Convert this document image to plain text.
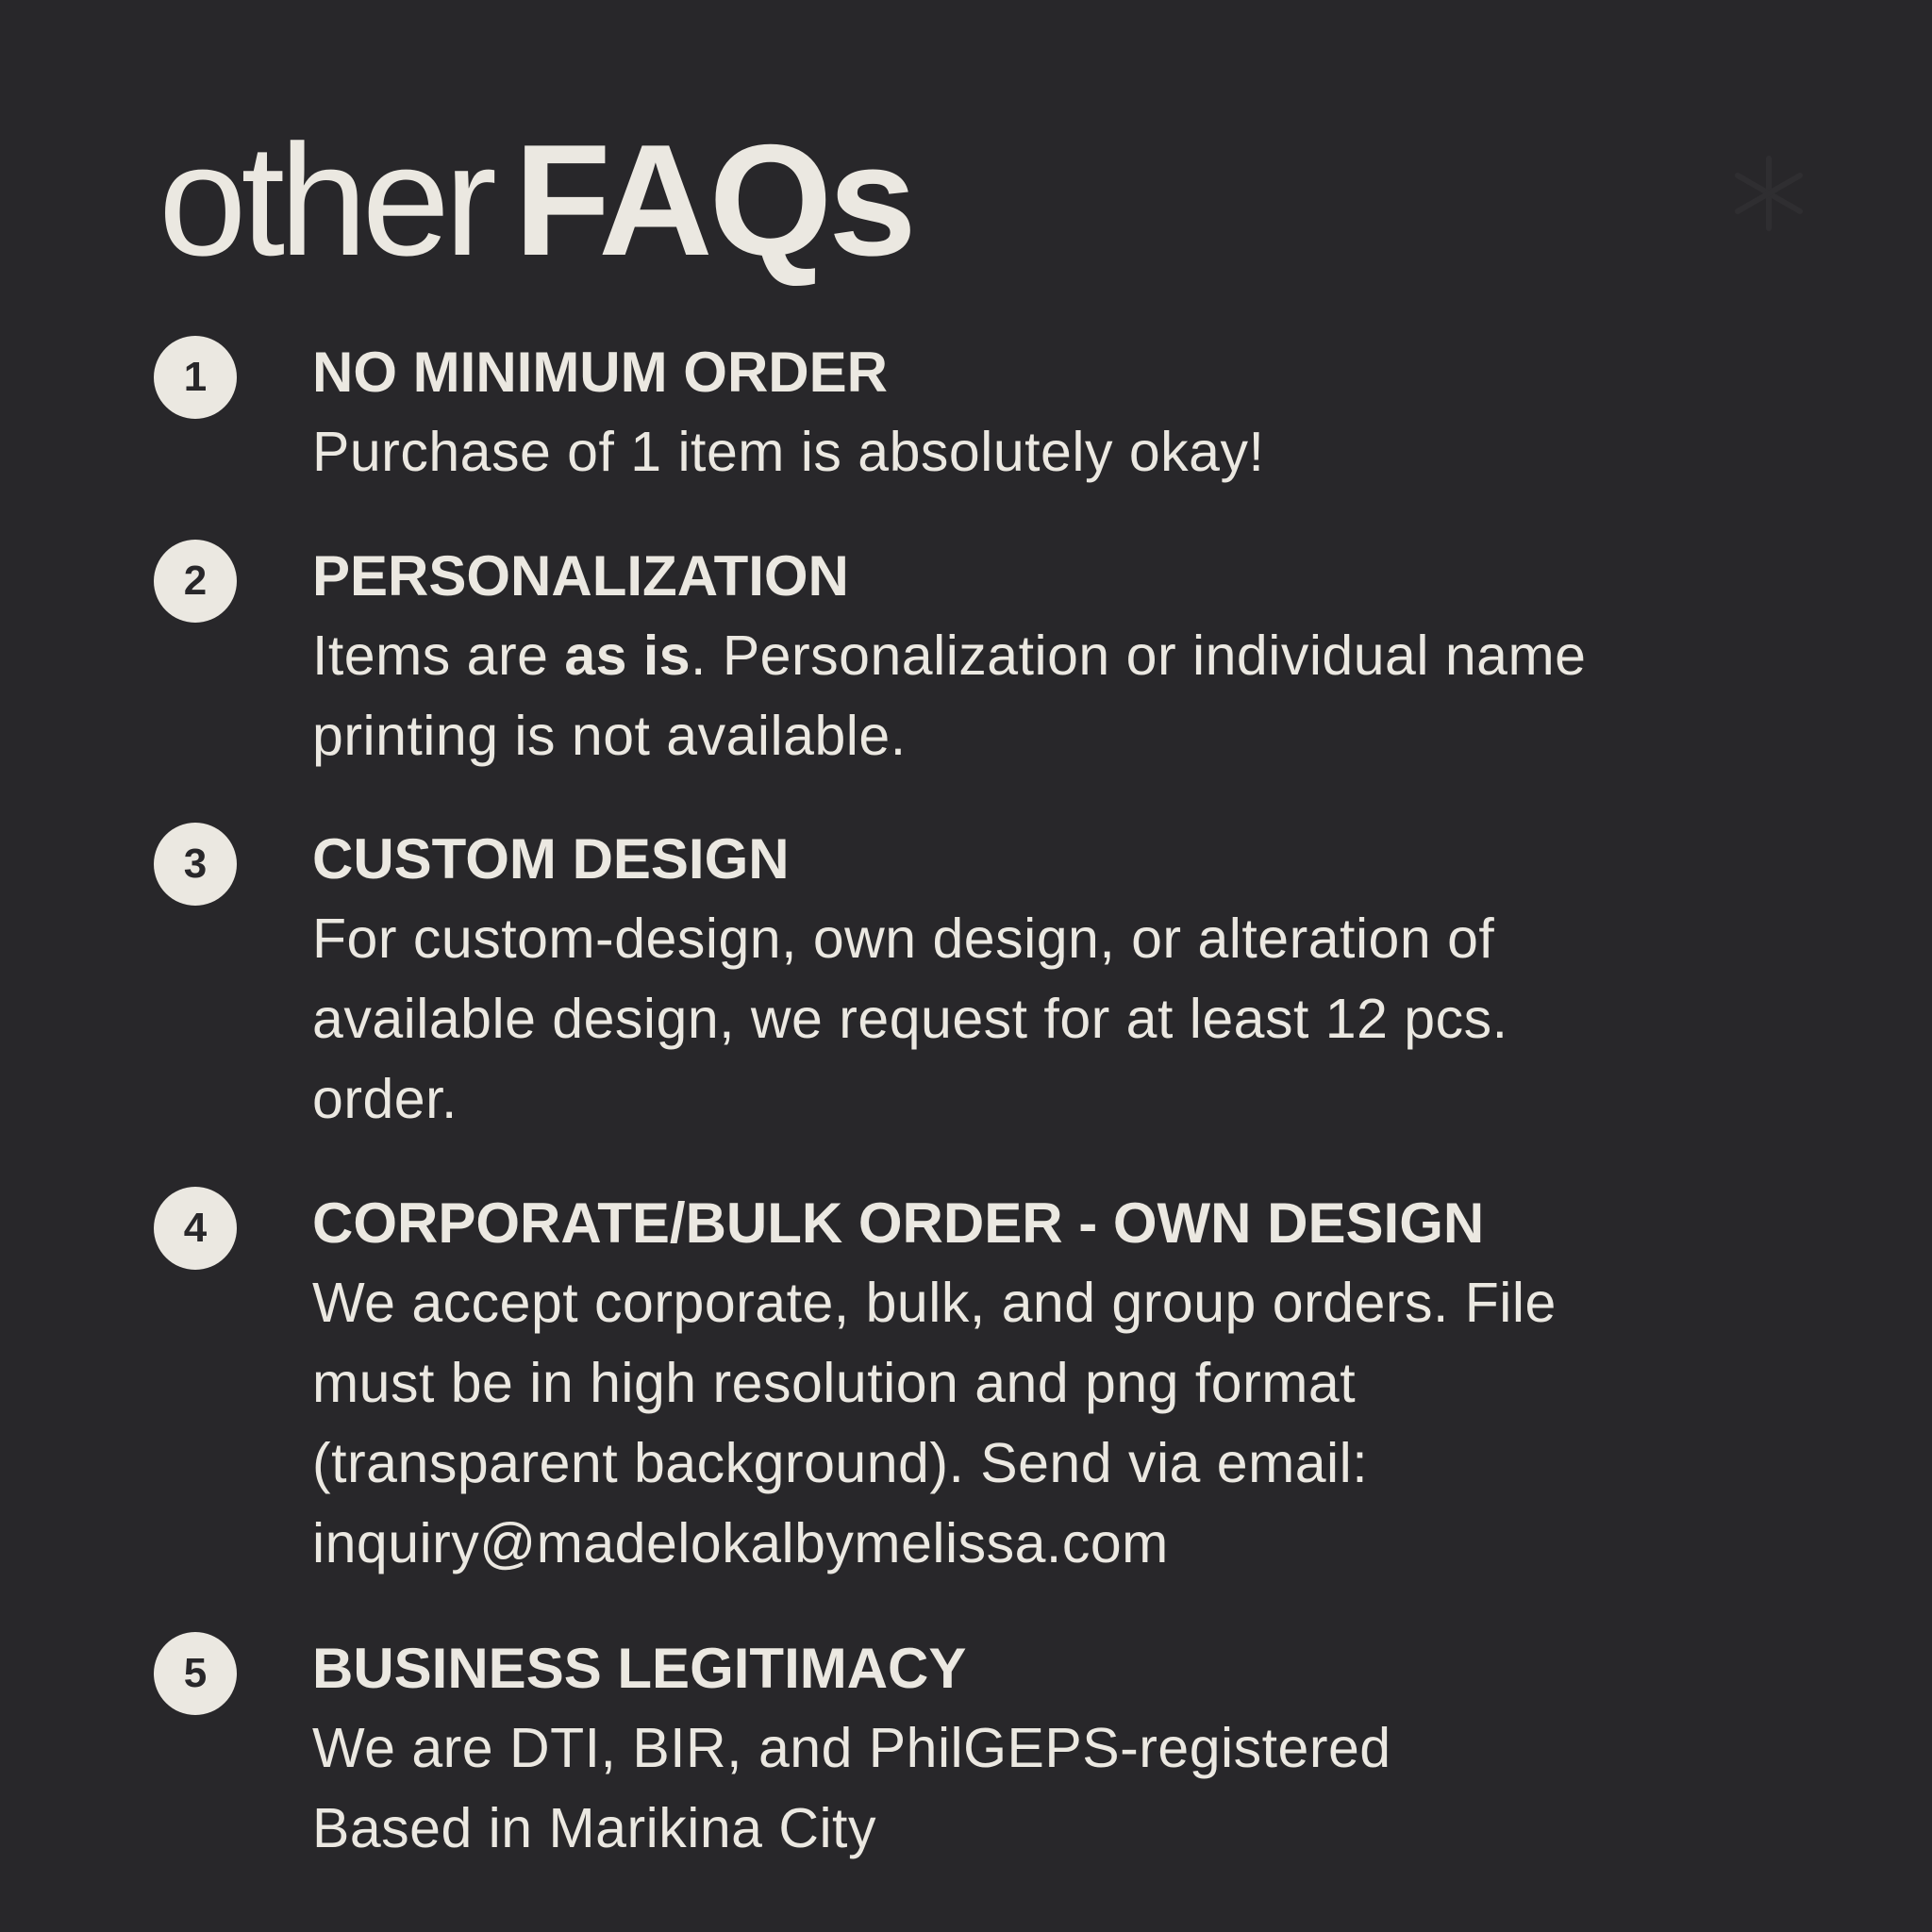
other FAQs
1	NO MINIMUM ORDER

Purchase of 1 item is absolutely okay!

2	PERSONALIZATION

Items are as is. Personalization or individual name
printing is not available.

3	CUSTOM DESIGN

For custom-design, own design, or alteration of
available design, we request for at least 12 pcs.
order.

4	CORPORATE/BULK ORDER - OWN DESIGN

We accept corporate, bulk, and group orders. File
must be in high resolution and png format
(transparent background). Send via email:
inquiry@madelokalbymelissa.com

5	BUSINESS LEGITIMACY

We are DTI, BIR, and PhilGEPS-registered
Based in Marikina City
